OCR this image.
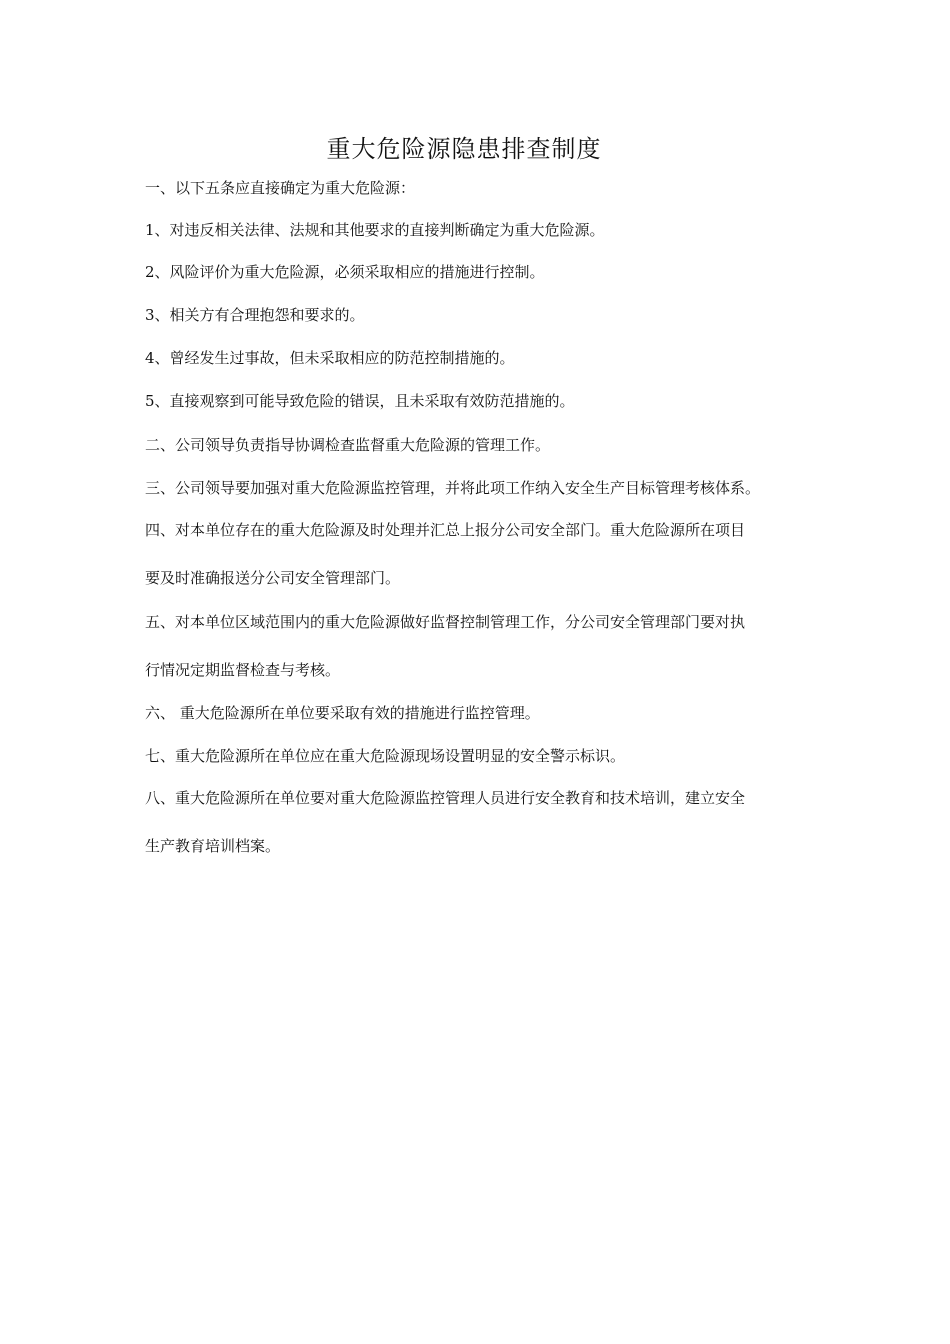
重大危险源隐患排查制度
一、以下五条应直接确定为重大危险源：
1、对违反相关法律、法规和其他要求的直接判断确定为重大危险源。
2、风险评价为重大危险源，必须采取相应的措施进行控制。
3、相关方有合理抱怨和要求的。
4、曾经发生过事故，但未采取相应的防范控制措施的。
5、直接观察到可能导致危险的错误，且未采取有效防范措施的。
二、公司领导负责指导协调检查监督重大危险源的管理工作。
三、公司领导要加强对重大危险源监控管理，并将此项工作纳入安全生产目标管理考核体系。
四、对本单位存在的重大危险源及时处理并汇总上报分公司安全部门。重大危险源所在项目
要及时准确报送分公司安全管理部门。
五、对本单位区域范围内的重大危险源做好监督控制管理工作，分公司安全管理部门要对执
行情况定期监督检查与考核。
六、 重大危险源所在单位要采取有效的措施进行监控管理。
七、重大危险源所在单位应在重大危险源现场设置明显的安全警示标识。
八、重大危险源所在单位要对重大危险源监控管理人员进行安全教育和技术培训，建立安全
生产教育培训档案。
